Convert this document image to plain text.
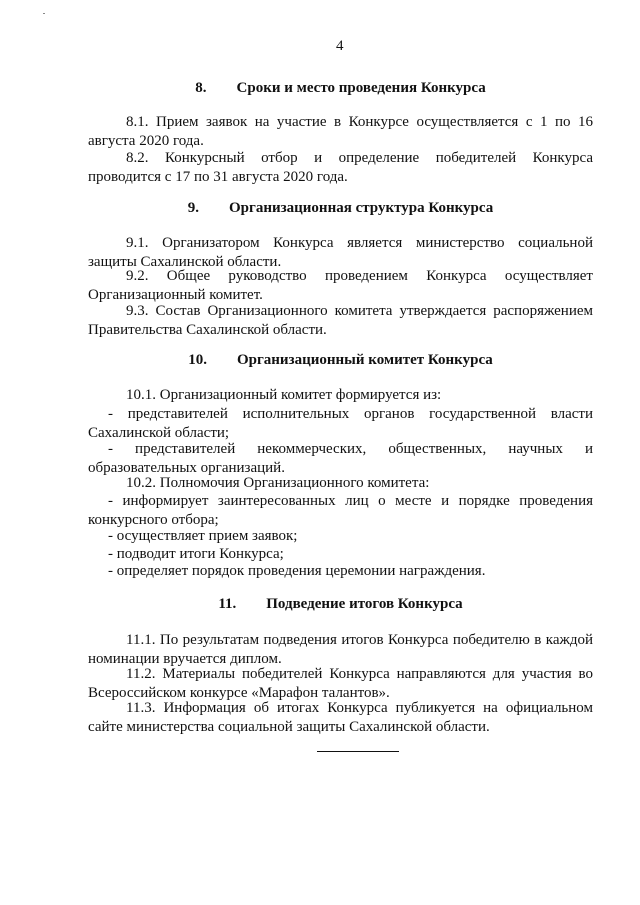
4
8. Сроки и место проведения Конкурса
8.1. Прием заявок на участие в Конкурсе осуществляется с 1 по 16 августа 2020 года.
8.2. Конкурсный отбор и определение победителей Конкурса проводится с 17 по 31 августа 2020 года.
9. Организационная структура Конкурса
9.1. Организатором Конкурса является министерство социальной защиты Сахалинской области.
9.2. Общее руководство проведением Конкурса осуществляет Организационный комитет.
9.3. Состав Организационного комитета утверждается распоряжением Правительства Сахалинской области.
10. Организационный комитет Конкурса
10.1. Организационный комитет формируется из:
- представителей исполнительных органов государственной власти Сахалинской области;
- представителей некоммерческих, общественных, научных и образовательных организаций.
10.2. Полномочия Организационного комитета:
- информирует заинтересованных лиц о месте и порядке проведения конкурсного отбора;
- осуществляет прием заявок;
- подводит итоги Конкурса;
- определяет порядок проведения церемонии награждения.
11. Подведение итогов Конкурса
11.1. По результатам подведения итогов Конкурса победителю в каждой номинации вручается диплом.
11.2. Материалы победителей Конкурса направляются для участия во Всероссийском конкурсе «Марафон талантов».
11.3. Информация об итогах Конкурса публикуется на официальном сайте министерства социальной защиты Сахалинской области.
